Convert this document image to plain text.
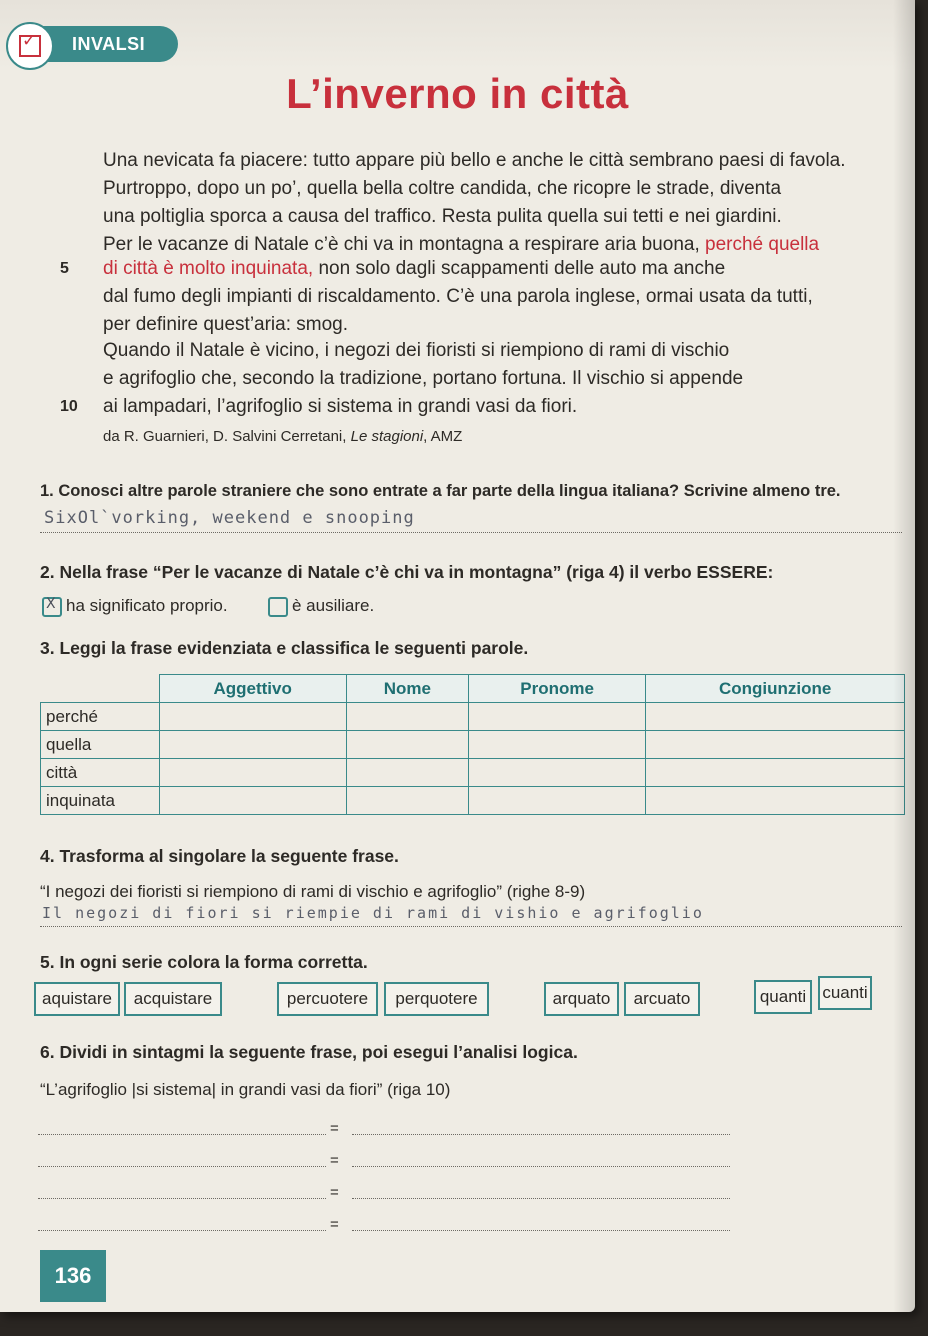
INVALSI
✓
L’inverno in città
Una nevicata fa piacere: tutto appare più bello e anche le città sembrano paesi di favola.
Purtroppo, dopo un po’, quella bella coltre candida, che ricopre le strade, diventa
una poltiglia sporca a causa del traffico. Resta pulita quella sui tetti e nei giardini.
Per le vacanze di Natale c’è chi va in montagna a respirare aria buona, perché quella
5 di città è molto inquinata, non solo dagli scappamenti delle auto ma anche
dal fumo degli impianti di riscaldamento. C’è una parola inglese, ormai usata da tutti,
per definire quest’aria: smog.
Quando il Natale è vicino, i negozi dei fioristi si riempiono di rami di vischio
e agrifoglio che, secondo la tradizione, portano fortuna. Il vischio si appende
10 ai lampadari, l’agrifoglio si sistema in grandi vasi da fiori.
da R. Guarnieri, D. Salvini Cerretani, Le stagioni, AMZ
1. Conosci altre parole straniere che sono entrate a far parte della lingua italiana? Scrivine almeno tre.
SixOl`vorking, weekend e snooping
2. Nella frase “Per le vacanze di Natale c’è chi va in montagna” (riga 4) il verbo ESSERE:
X ha significato proprio.	è ausiliare.
3. Leggi la frase evidenziata e classifica le seguenti parole.
	Aggettivo	Nome	Pronome	Congiunzione
perché				
quella				
città				
inquinata				
4. Trasforma al singolare la seguente frase.
“I negozi dei fioristi si riempiono di rami di vischio e agrifoglio” (righe 8-9)
Il negozi di fiori si riempie di rami di vishio e agrifoglio
5. In ogni serie colora la forma corretta.
aquistare	acquistare	percuotere	perquotere	arquato	arcuato	quanti cuanti
6. Dividi in sintagmi la seguente frase, poi esegui l’analisi logica.
“L’agrifoglio |si sistema| in grandi vasi da fiori” (riga 10)
=
=
=
=
136
